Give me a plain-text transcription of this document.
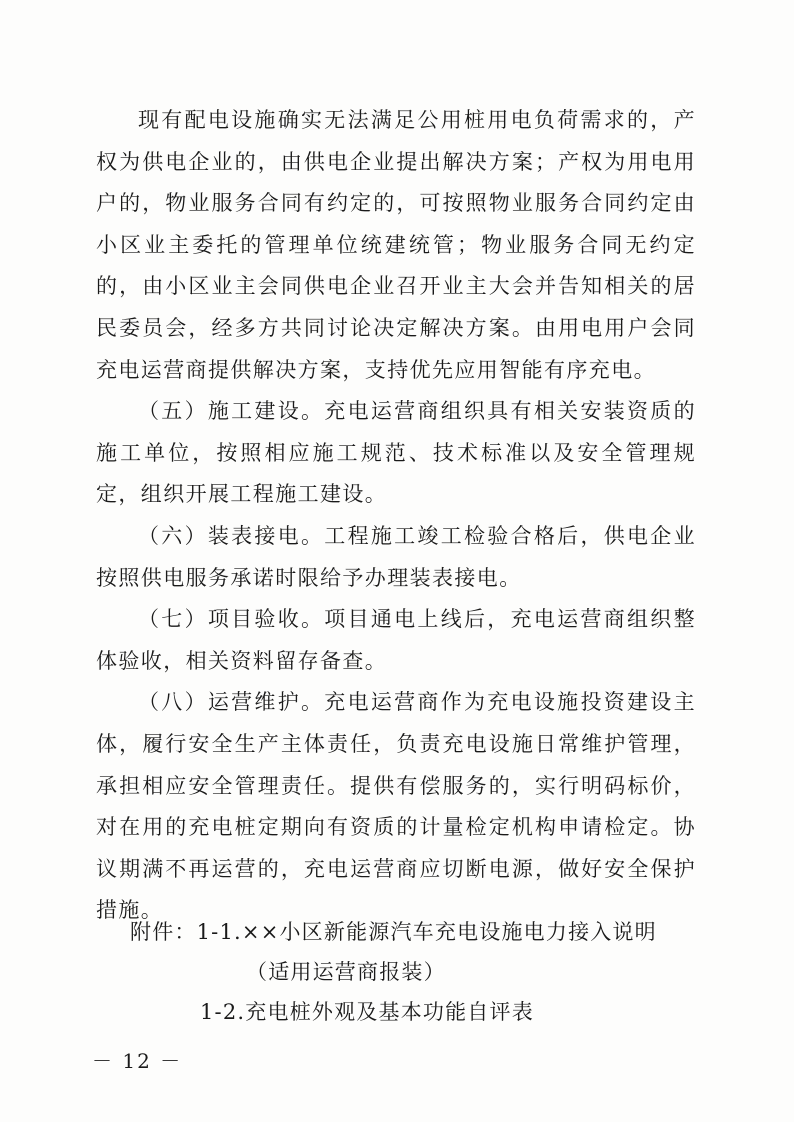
现有配电设施确实无法满足公用桩用电负荷需求的，产权为供电企业的，由供电企业提出解决方案；产权为用电用户的，物业服务合同有约定的，可按照物业服务合同约定由小区业主委托的管理单位统建统管；物业服务合同无约定的，由小区业主会同供电企业召开业主大会并告知相关的居民委员会，经多方共同讨论决定解决方案。由用电用户会同充电运营商提供解决方案，支持优先应用智能有序充电。

（五）施工建设。充电运营商组织具有相关安装资质的施工单位，按照相应施工规范、技术标准以及安全管理规定，组织开展工程施工建设。

（六）装表接电。工程施工竣工检验合格后，供电企业按照供电服务承诺时限给予办理装表接电。

（七）项目验收。项目通电上线后，充电运营商组织整体验收，相关资料留存备查。

（八）运营维护。充电运营商作为充电设施投资建设主体，履行安全生产主体责任，负责充电设施日常维护管理，承担相应安全管理责任。提供有偿服务的，实行明码标价，对在用的充电桩定期向有资质的计量检定机构申请检定。协议期满不再运营的，充电运营商应切断电源，做好安全保护措施。

附件：1-1.××小区新能源汽车充电设施电力接入说明
（适用运营商报装）
1-2.充电桩外观及基本功能自评表
－ 12 －
